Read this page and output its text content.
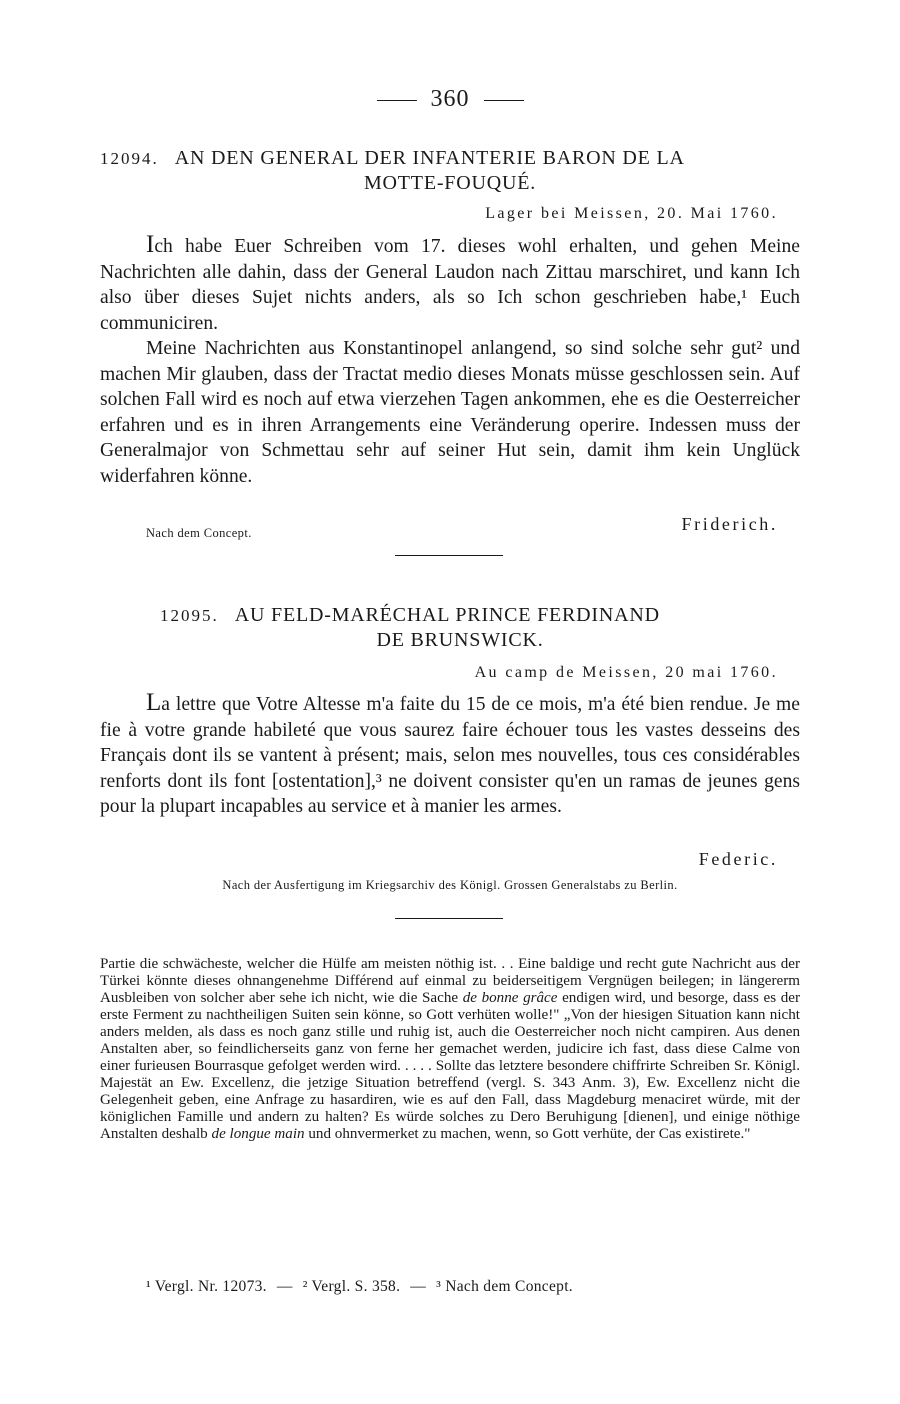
360
12094. AN DEN GENERAL DER INFANTERIE BARON DE LA
MOTTE-FOUQUÉ.
Lager bei Meissen, 20. Mai 1760.

Ich habe Euer Schreiben vom 17. dieses wohl erhalten, und gehen Meine Nachrichten alle dahin, dass der General Laudon nach Zittau marschiret, und kann Ich also über dieses Sujet nichts anders, als so Ich schon geschrieben habe,¹ Euch communiciren.

Meine Nachrichten aus Konstantinopel anlangend, so sind solche sehr gut² und machen Mir glauben, dass der Tractat medio dieses Monats müsse geschlossen sein. Auf solchen Fall wird es noch auf etwa vierzehen Tagen ankommen, ehe es die Oesterreicher erfahren und es in ihren Arrangements eine Veränderung operire. Indessen muss der Generalmajor von Schmettau sehr auf seiner Hut sein, damit ihm kein Unglück widerfahren könne.

Nach dem Concept.	Friderich.
12095. AU FELD-MARÉCHAL PRINCE FERDINAND
DE BRUNSWICK.
Au camp de Meissen, 20 mai 1760.

La lettre que Votre Altesse m'a faite du 15 de ce mois, m'a été bien rendue. Je me fie à votre grande habileté que vous saurez faire échouer tous les vastes desseins des Français dont ils se vantent à présent; mais, selon mes nouvelles, tous ces considérables renforts dont ils font [ostentation],³ ne doivent consister qu'en un ramas de jeunes gens pour la plupart incapables au service et à manier les armes.

Federic.
Nach der Ausfertigung im Kriegsarchiv des Königl. Grossen Generalstabs zu Berlin.

Partie die schwächeste, welcher die Hülfe am meisten nöthig ist. . . Eine baldige und recht gute Nachricht aus der Türkei könnte dieses ohnangenehme Différend auf einmal zu beiderseitigem Vergnügen beilegen; in längererm Ausbleiben von solcher aber sehe ich nicht, wie die Sache de bonne grâce endigen wird, und besorge, dass es der erste Ferment zu nachtheiligen Suiten sein könne, so Gott verhüten wolle!" „Von der hiesigen Situation kann nicht anders melden, als dass es noch ganz stille und ruhig ist, auch die Oesterreicher noch nicht campiren. Aus denen Anstalten aber, so feindlicherseits ganz von ferne her gemachet werden, judicire ich fast, dass diese Calme von einer furieusen Bourrasque gefolget werden wird. . . . . Sollte das letztere besondere chiffrirte Schreiben Sr. Königl. Majestät an Ew. Excellenz, die jetzige Situation betreffend (vergl. S. 343 Anm. 3), Ew. Excellenz nicht die Gelegenheit geben, eine Anfrage zu hasardiren, wie es auf den Fall, dass Magdeburg menaciret würde, mit der königlichen Famille und andern zu halten? Es würde solches zu Dero Beruhigung [dienen], und einige nöthige Anstalten deshalb de longue main und ohnvermerket zu machen, wenn, so Gott verhüte, der Cas existirete."

¹ Vergl. Nr. 12073. — ² Vergl. S. 358. — ³ Nach dem Concept.
